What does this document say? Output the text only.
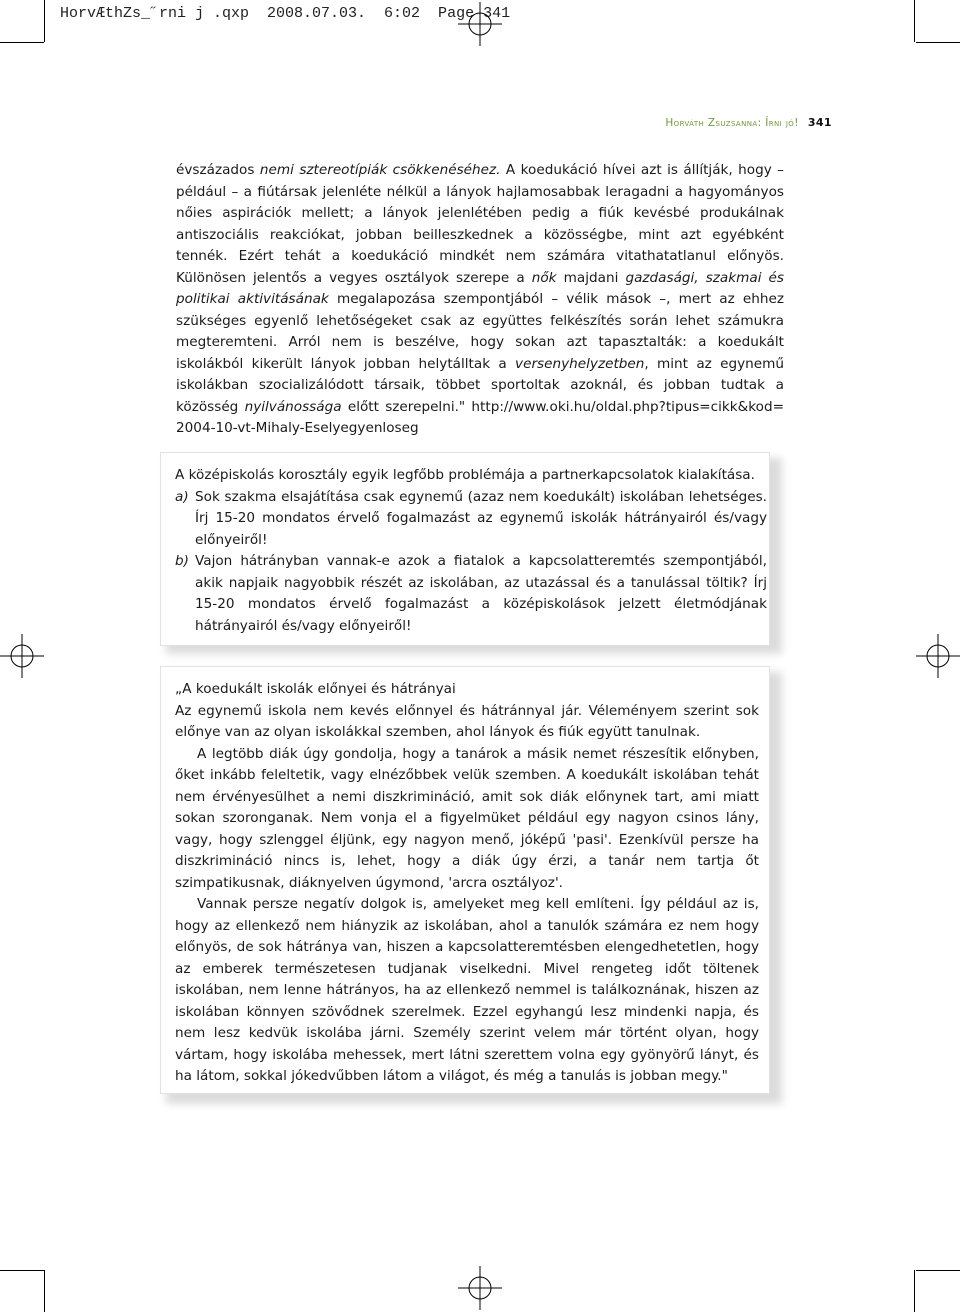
HorvÆthZs_˝rni j .qxp  2008.07.03.  6:02  Page 341
Horváth Zsuzsanna: Írni jó! 341

évszázados nemi sztereotípiák csökkenéséhez. A koedukáció hívei azt is állítják, hogy – például – a fiútársak jelenléte nélkül a lányok hajlamosabbak leragadni a hagyományos nőies aspirációk mellett; a lányok jelenlétében pedig a fiúk kevésbé produkálnak antiszociális reakciókat, jobban beilleszkednek a közösségbe, mint azt egyébként tennék. Ezért tehát a koedukáció mindkét nem számára vitathatatlanul előnyös. Különösen jelentős a vegyes osztályok szerepe a nők majdani gazdasági, szakmai és politikai aktivitásának megalapozása szempontjából – vélik mások –, mert az ehhez szükséges egyenlő lehetőségeket csak az együttes felkészítés során lehet számukra megteremteni. Arról nem is beszélve, hogy sokan azt tapasztalták: a koedukált iskolákból kikerült lányok jobban helytálltak a versenyhelyzetben, mint az egynemű iskolákban szocializálódott társaik, többet sportoltak azoknál, és jobban tudtak a közösség nyilvánossága előtt szerepelni." http://www.oki.hu/oldal.php?tipus=cikk&kod= 2004-10-vt-Mihaly-Eselyegyenloseg

A középiskolás korosztály egyik legfőbb problémája a partnerkapcsolatok kialakítása.

a) Sok szakma elsajátítása csak egynemű (azaz nem koedukált) iskolában lehetséges. Írj 15-20 mondatos érvelő fogalmazást az egynemű iskolák hátrányairól és/vagy előnyeiről!
b) Vajon hátrányban vannak-e azok a fiatalok a kapcsolatteremtés szempontjából, akik napjaik nagyobbik részét az iskolában, az utazással és a tanulással töltik? Írj 15-20 mondatos érvelő fogalmazást a középiskolások jelzett életmódjának hátrányairól és/vagy előnyeiről!

„A koedukált iskolák előnyei és hátrányai

Az egynemű iskola nem kevés előnnyel és hátránnyal jár. Véleményem szerint sok előnye van az olyan iskolákkal szemben, ahol lányok és fiúk együtt tanulnak.

A legtöbb diák úgy gondolja, hogy a tanárok a másik nemet részesítik előnyben, őket inkább feleltetik, vagy elnézőbbek velük szemben. A koedukált iskolában tehát nem érvényesülhet a nemi diszkrimináció, amit sok diák előnynek tart, ami miatt sokan szoronganak. Nem vonja el a figyelmüket például egy nagyon csinos lány, vagy, hogy szlenggel éljünk, egy nagyon menő, jóképű 'pasi'. Ezenkívül persze ha diszkrimináció nincs is, lehet, hogy a diák úgy érzi, a tanár nem tartja őt szimpatikusnak, diáknyelven úgymond, 'arcra osztályoz'.

Vannak persze negatív dolgok is, amelyeket meg kell említeni. Így például az is, hogy az ellenkező nem hiányzik az iskolában, ahol a tanulók számára ez nem hogy előnyös, de sok hátránya van, hiszen a kapcsolatteremtésben elengedhetetlen, hogy az emberek természetesen tudjanak viselkedni. Mivel rengeteg időt töltenek iskolában, nem lenne hátrányos, ha az ellenkező nemmel is találkoznának, hiszen az iskolában könnyen szövődnek szerelmek. Ezzel egyhangú lesz mindenki napja, és nem lesz kedvük iskolába járni. Személy szerint velem már történt olyan, hogy vártam, hogy iskolába mehessek, mert látni szerettem volna egy gyönyörű lányt, és ha látom, sokkal jókedvűbben látom a világot, és még a tanulás is jobban megy."
